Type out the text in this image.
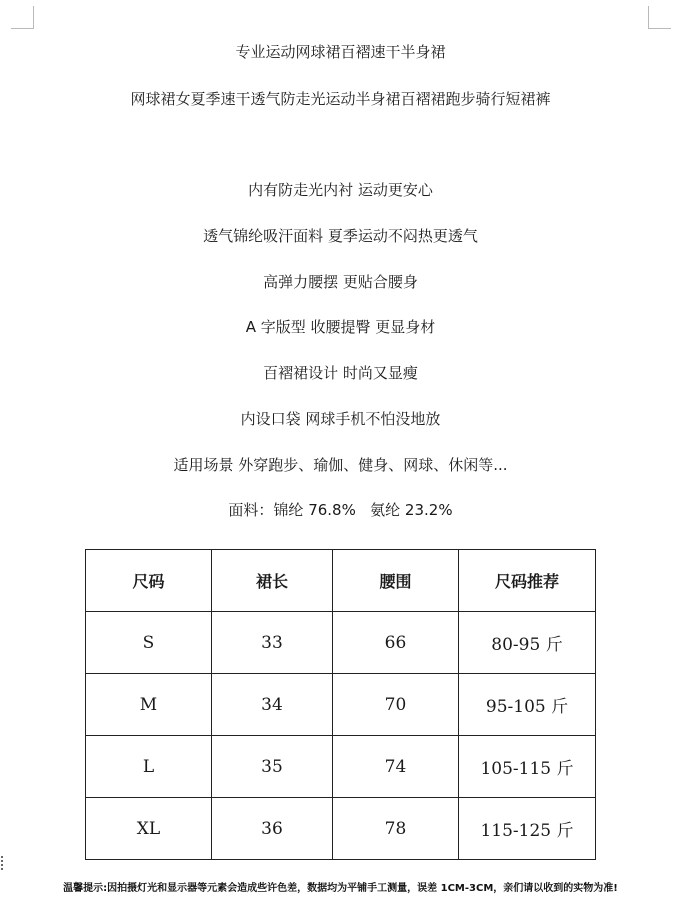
专业运动网球裙百褶速干半身裙
网球裙女夏季速干透气防走光运动半身裙百褶裙跑步骑行短裙裤
内有防走光内衬 运动更安心
透气锦纶吸汗面料 夏季运动不闷热更透气
高弹力腰摆 更贴合腰身
A 字版型 收腰提臀 更显身材
百褶裙设计 时尚又显瘦
内设口袋 网球手机不怕没地放
适用场景 外穿跑步、瑜伽、健身、网球、休闲等...
面料：锦纶 76.8%   氨纶 23.2%
尺码	裙长	腰围	尺码推荐
S	33	66	80-95 斤
M	34	70	95-105 斤
L	35	74	105-115 斤
XL	36	78	115-125 斤
温馨提示:因拍摄灯光和显示器等元素会造成些许色差，数据均为平铺手工测量，误差 1CM-3CM，亲们请以收到的实物为准!
